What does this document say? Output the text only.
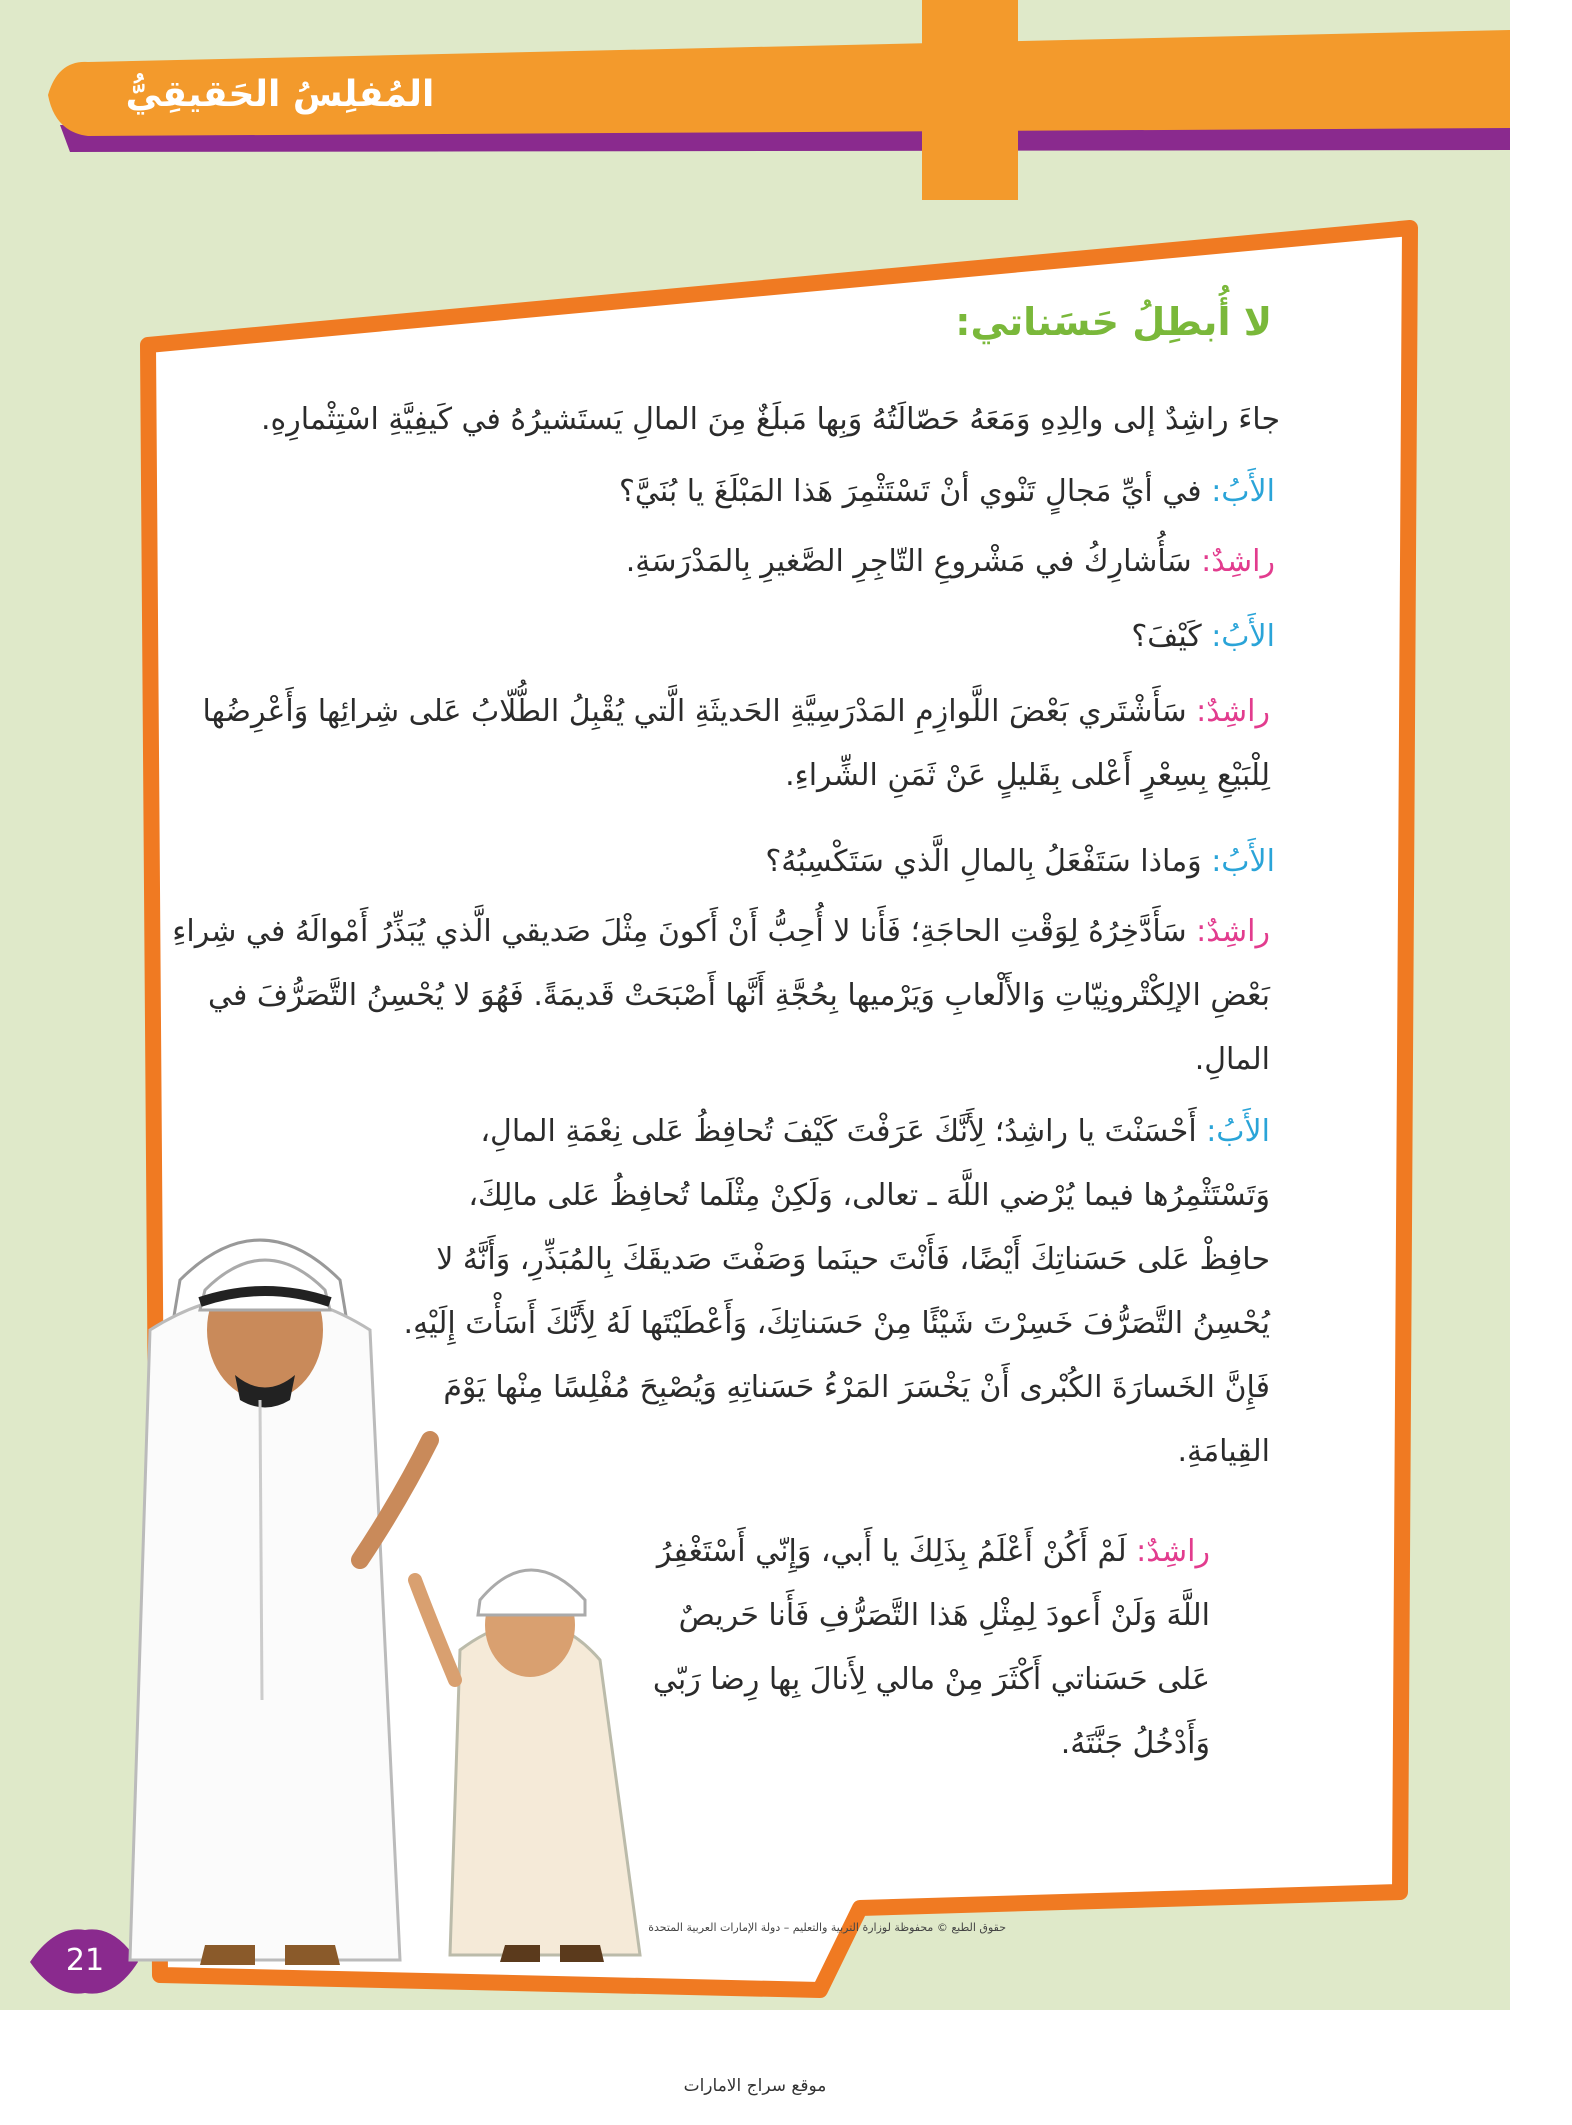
المُفلِسُ الحَقيقِيُّ
لا أُبطِلُ حَسَناتي:
جاءَ راشِدٌ إلى والِدِهِ وَمَعَهُ حَصّالَتُهُ وَبِها مَبلَغٌ مِنَ المالِ يَستَشيرُهُ في كَيفِيَّةِ اسْتِثْمارِهِ.
الأَبُ: في أيِّ مَجالٍ تَنْوي أنْ تَسْتَثْمِرَ هَذا المَبْلَغَ يا بُنَيَّ؟
راشِدٌ: سَأُشارِكُ في مَشْروعِ التّاجِرِ الصَّغيرِ بِالمَدْرَسَةِ.
الأَبُ: كَيْفَ؟
راشِدٌ: سَأَشْتَري بَعْضَ اللَّوازِمِ المَدْرَسِيَّةِ الحَديثَةِ الَّتي يُقْبِلُ الطُّلّابُ عَلى شِرائِها وَأَعْرِضُها لِلْبَيْعِ بِسِعْرٍ أَعْلى بِقَليلٍ عَنْ ثَمَنِ الشِّراءِ.
الأَبُ: وَماذا سَتَفْعَلُ بِالمالِ الَّذي سَتَكْسِبُهُ؟
راشِدٌ: سَأَدَّخِرُهُ لِوَقْتِ الحاجَةِ؛ فَأَنا لا أُحِبُّ أَنْ أَكونَ مِثْلَ صَديقي الَّذي يُبَذِّرُ أَمْوالَهُ في شِراءِ بَعْضِ الإلِكْتْرونِيّاتِ وَالأَلْعابِ وَيَرْميها بِحُجَّةِ أَنَّها أَصْبَحَتْ قَديمَةً. فَهُوَ لا يُحْسِنُ التَّصَرُّفَ في المالِ.
الأَبُ: أَحْسَنْتَ يا راشِدُ؛ لِأَنَّكَ عَرَفْتَ كَيْفَ تُحافِظُ عَلى نِعْمَةِ المالِ، وَتَسْتَثْمِرُها فيما يُرْضي اللَّهَ ـ تعالى، وَلَكِنْ مِثْلَما تُحافِظُ عَلى مالِكَ، حافِظْ عَلى حَسَناتِكَ أَيْضًا، فَأَنْتَ حينَما وَصَفْتَ صَديقَكَ بِالمُبَذِّرِ، وَأَنَّهُ لا يُحْسِنُ التَّصَرُّفَ خَسِرْتَ شَيْئًا مِنْ حَسَناتِكَ، وَأَعْطَيْتَها لَهُ لِأَنَّكَ أَسَأْتَ إِلَيْهِ. فَإِنَّ الخَسارَةَ الكُبْرى أَنْ يَخْسَرَ المَرْءُ حَسَناتِهِ وَيُصْبِحَ مُفْلِسًا مِنْها يَوْمَ القِيامَةِ.
راشِدٌ: لَمْ أَكُنْ أَعْلَمُ بِذَلِكَ يا أَبي، وَإِنّي أَسْتَغْفِرُ اللَّهَ وَلَنْ أَعودَ لِمِثْلِ هَذا التَّصَرُّفِ فَأَنا حَريصٌ عَلى حَسَناتي أَكْثَرَ مِنْ مالي لِأَنالَ بِها رِضا رَبّي وَأَدْخُلُ جَنَّتَهُ.
حقوق الطبع © محفوظة لوزارة التربية والتعليم – دولة الإمارات العربية المتحدة
21
موقع سراج الامارات
